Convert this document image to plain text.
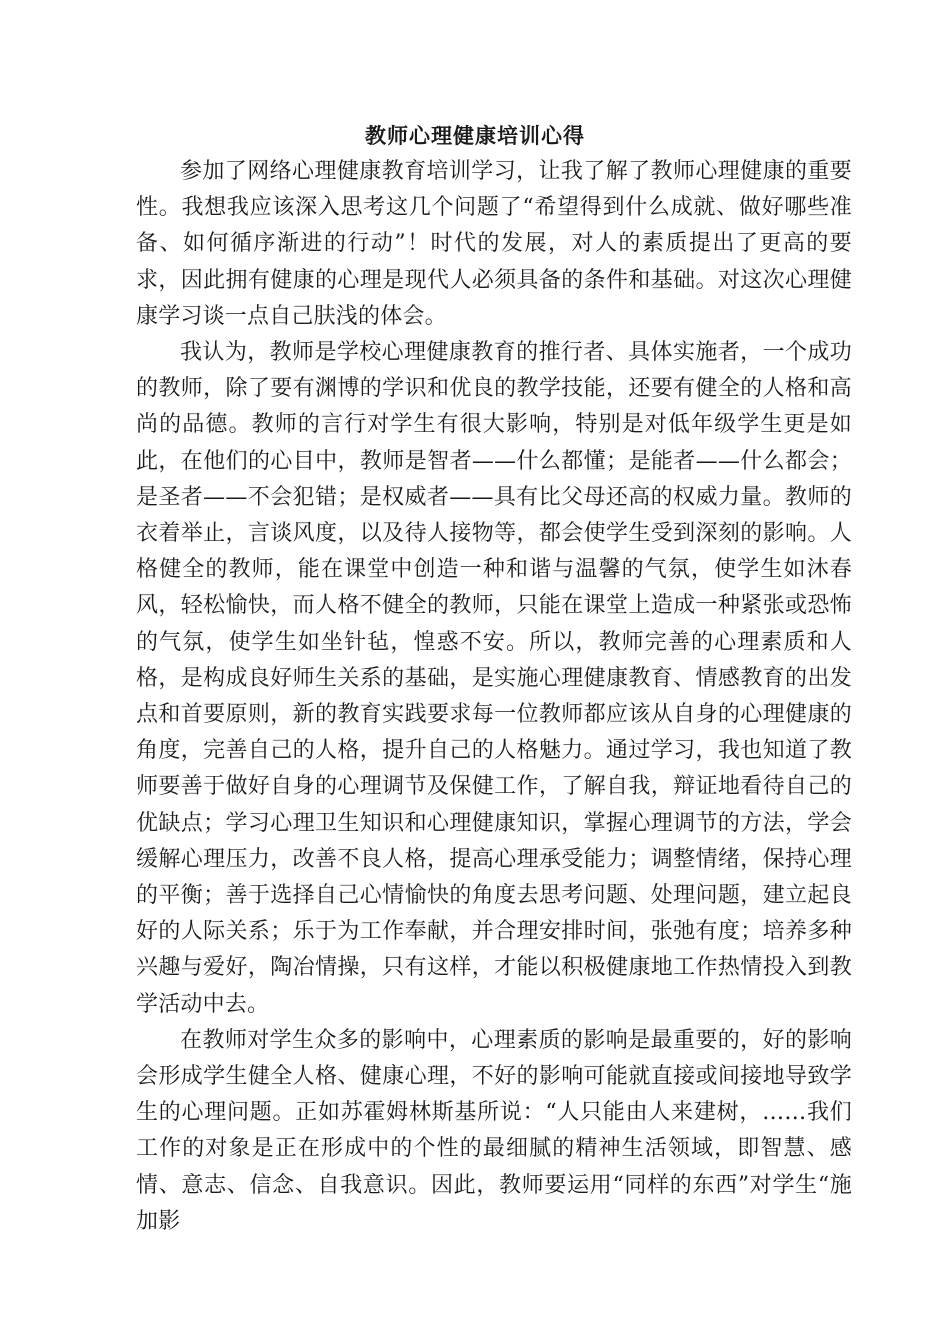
教师心理健康培训心得

参加了网络心理健康教育培训学习，让我了解了教师心理健康的重要性。我想我应该深入思考这几个问题了“希望得到什么成就、做好哪些准备、如何循序渐进的行动”！时代的发展，对人的素质提出了更高的要求，因此拥有健康的心理是现代人必须具备的条件和基础。对这次心理健康学习谈一点自己肤浅的体会。

我认为，教师是学校心理健康教育的推行者、具体实施者，一个成功的教师，除了要有渊博的学识和优良的教学技能，还要有健全的人格和高尚的品德。教师的言行对学生有很大影响，特别是对低年级学生更是如此，在他们的心目中，教师是智者——什么都懂；是能者——什么都会；是圣者——不会犯错；是权威者——具有比父母还高的权威力量。教师的衣着举止，言谈风度，以及待人接物等，都会使学生受到深刻的影响。人格健全的教师，能在课堂中创造一种和谐与温馨的气氛，使学生如沐春风，轻松愉快，而人格不健全的教师，只能在课堂上造成一种紧张或恐怖的气氛，使学生如坐针毡，惶惑不安。所以，教师完善的心理素质和人格，是构成良好师生关系的基础，是实施心理健康教育、情感教育的出发点和首要原则，新的教育实践要求每一位教师都应该从自身的心理健康的角度，完善自己的人格，提升自己的人格魅力。通过学习，我也知道了教师要善于做好自身的心理调节及保健工作，了解自我，辩证地看待自己的优缺点；学习心理卫生知识和心理健康知识，掌握心理调节的方法，学会缓解心理压力，改善不良人格，提高心理承受能力；调整情绪，保持心理的平衡；善于选择自己心情愉快的角度去思考问题、处理问题，建立起良好的人际关系；乐于为工作奉献，并合理安排时间，张弛有度；培养多种兴趣与爱好，陶冶情操，只有这样，才能以积极健康地工作热情投入到教学活动中去。

在教师对学生众多的影响中，心理素质的影响是最重要的，好的影响会形成学生健全人格、健康心理，不好的影响可能就直接或间接地导致学生的心理问题。正如苏霍姆林斯基所说：“人只能由人来建树，……我们工作的对象是正在形成中的个性的最细腻的精神生活领域，即智慧、感情、意志、信念、自我意识。因此，教师要运用“同样的东西”对学生“施加影
